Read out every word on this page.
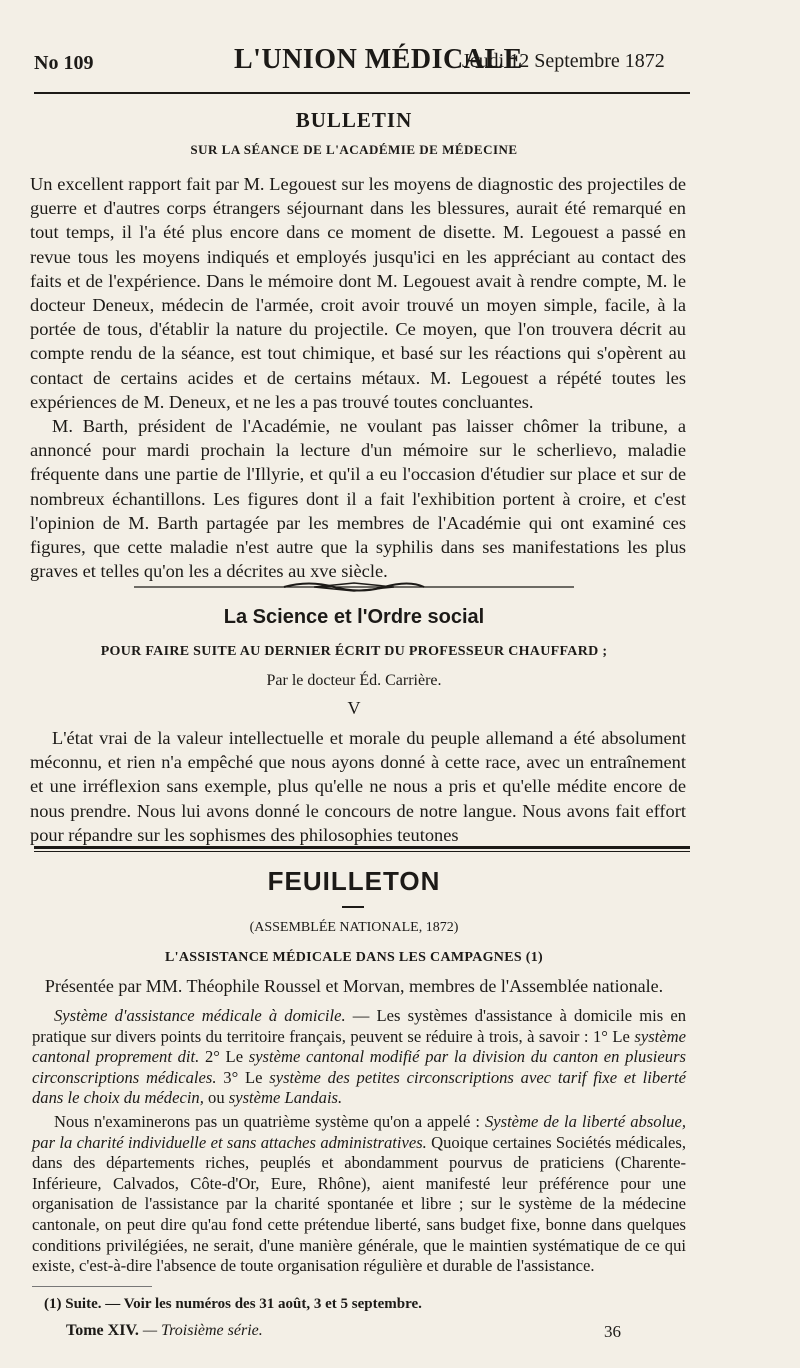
No 109	L'UNION MÉDICALE
Jeudi 12 Septembre 1872
BULLETIN
SUR LA SÉANCE DE L'ACADÉMIE DE MÉDECINE

Un excellent rapport fait par M. Legouest sur les moyens de diagnostic des projectiles de guerre et d'autres corps étrangers séjournant dans les blessures, aurait été remarqué en tout temps, il l'a été plus encore dans ce moment de disette. M. Legouest a passé en revue tous les moyens indiqués et employés jusqu'ici en les appréciant au contact des faits et de l'expérience. Dans le mémoire dont M. Legouest avait à rendre compte, M. le docteur Deneux, médecin de l'armée, croit avoir trouvé un moyen simple, facile, à la portée de tous, d'établir la nature du projectile. Ce moyen, que l'on trouvera décrit au compte rendu de la séance, est tout chimique, et basé sur les réactions qui s'opèrent au contact de certains acides et de certains métaux. M. Legouest a répété toutes les expériences de M. Deneux, et ne les a pas trouvé toutes concluantes.

M. Barth, président de l'Académie, ne voulant pas laisser chômer la tribune, a annoncé pour mardi prochain la lecture d'un mémoire sur le scherlievo, maladie fréquente dans une partie de l'Illyrie, et qu'il a eu l'occasion d'étudier sur place et sur de nombreux échantillons. Les figures dont il a fait l'exhibition portent à croire, et c'est l'opinion de M. Barth partagée par les membres de l'Académie qui ont examiné ces figures, que cette maladie n'est autre que la syphilis dans ses manifestations les plus graves et telles qu'on les a décrites au xve siècle.

La Science et l'Ordre social
POUR FAIRE SUITE AU DERNIER ÉCRIT DU PROFESSEUR CHAUFFARD ;
Par le docteur Éd. Carrière.
V

L'état vrai de la valeur intellectuelle et morale du peuple allemand a été absolument méconnu, et rien n'a empêché que nous ayons donné à cette race, avec un entraînement et une irréflexion sans exemple, plus qu'elle ne nous a pris et qu'elle médite encore de nous prendre. Nous lui avons donné le concours de notre langue. Nous avons fait effort pour répandre sur les sophismes des philosophies teutones

FEUILLETON
(ASSEMBLÉE NATIONALE, 1872)
L'ASSISTANCE MÉDICALE DANS LES CAMPAGNES (1)
Présentée par MM. Théophile Roussel et Morvan, membres de l'Assemblée nationale.

Système d'assistance médicale à domicile. — Les systèmes d'assistance à domicile mis en pratique sur divers points du territoire français, peuvent se réduire à trois, à savoir : 1° Le système cantonal proprement dit. 2° Le système cantonal modifié par la division du canton en plusieurs circonscriptions médicales. 3° Le système des petites circonscriptions avec tarif fixe et liberté dans le choix du médecin, ou système Landais.

Nous n'examinerons pas un quatrième système qu'on a appelé : Système de la liberté absolue, par la charité individuelle et sans attaches administratives. Quoique certaines Sociétés médicales, dans des départements riches, peuplés et abondamment pourvus de praticiens (Charente-Inférieure, Calvados, Côte-d'Or, Eure, Rhône), aient manifesté leur préférence pour une organisation de l'assistance par la charité spontanée et libre ; sur le système de la médecine cantonale, on peut dire qu'au fond cette prétendue liberté, sans budget fixe, bonne dans quelques conditions privilégiées, ne serait, d'une manière générale, que le maintien systématique de ce qui existe, c'est-à-dire l'absence de toute organisation régulière et durable de l'assistance.

(1) Suite. — Voir les numéros des 31 août, 3 et 5 septembre.
Tome XIV. — Troisième série.	36
